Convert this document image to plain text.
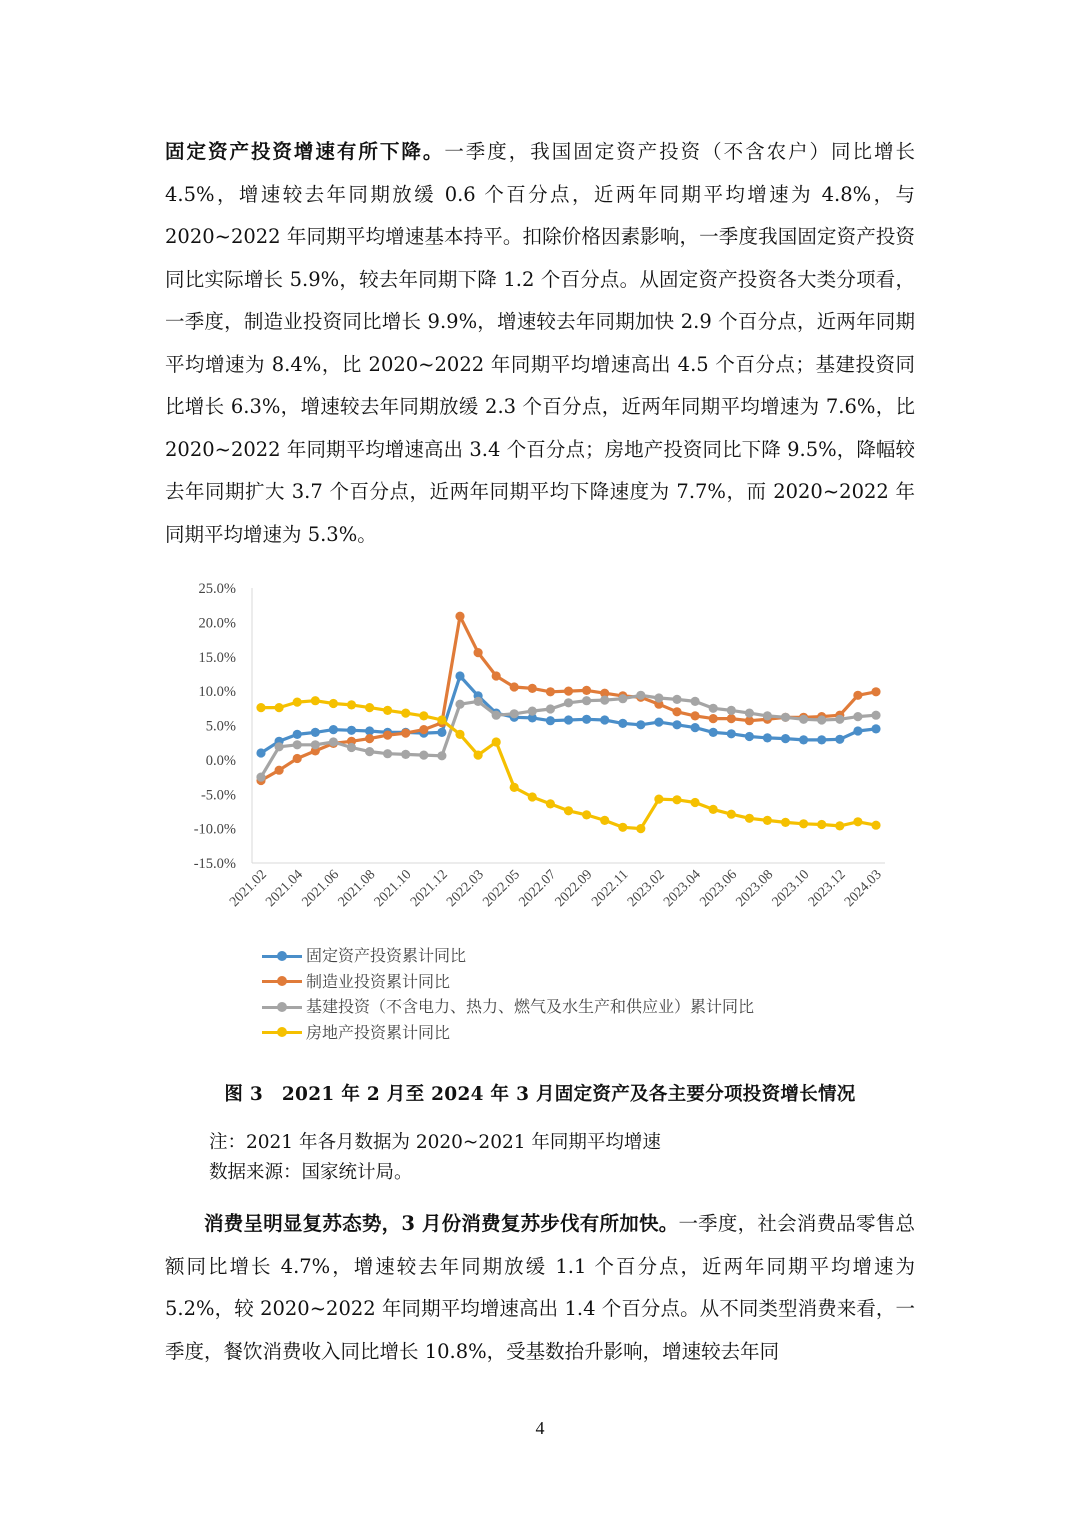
固定资产投资增速有所下降。一季度，我国固定资产投资（不含农户）同比增长4.5%，增速较去年同期放缓 0.6 个百分点，近两年同期平均增速为 4.8%，与2020~2022 年同期平均增速基本持平。扣除价格因素影响，一季度我国固定资产投资同比实际增长 5.9%，较去年同期下降 1.2 个百分点。从固定资产投资各大类分项看，一季度，制造业投资同比增长 9.9%，增速较去年同期加快 2.9 个百分点，近两年同期平均增速为 8.4%，比 2020~2022 年同期平均增速高出 4.5 个百分点；基建投资同比增长 6.3%，增速较去年同期放缓 2.3 个百分点，近两年同期平均增速为 7.6%，比 2020~2022 年同期平均增速高出 3.4 个百分点；房地产投资同比下降 9.5%，降幅较去年同期扩大 3.7 个百分点，近两年同期平均下降速度为 7.7%，而 2020~2022 年同期平均增速为 5.3%。

25.0%
20.0%
15.0%
10.0%
5.0%
0.0%
-5.0%
-10.0%
-15.0%
2021.02
2021.04
2021.06
2021.08
2021.10
2021.12
2022.03
2022.05
2022.07
2022.09
2022.11
2023.02
2023.04
2023.06
2023.08
2023.10
2023.12
2024.03
固定资产投资累计同比
制造业投资累计同比
基建投资（不含电力、热力、燃气及水生产和供应业）累计同比
房地产投资累计同比
图 3　2021 年 2 月至 2024 年 3 月固定资产及各主要分项投资增长情况
注：2021 年各月数据为 2020~2021 年同期平均增速
数据来源：国家统计局。

消费呈明显复苏态势，3 月份消费复苏步伐有所加快。一季度，社会消费品零售总额同比增长 4.7%，增速较去年同期放缓 1.1 个百分点，近两年同期平均增速为 5.2%，较 2020~2022 年同期平均增速高出 1.4 个百分点。从不同类型消费来看，一季度，餐饮消费收入同比增长 10.8%，受基数抬升影响，增速较去年同

4
